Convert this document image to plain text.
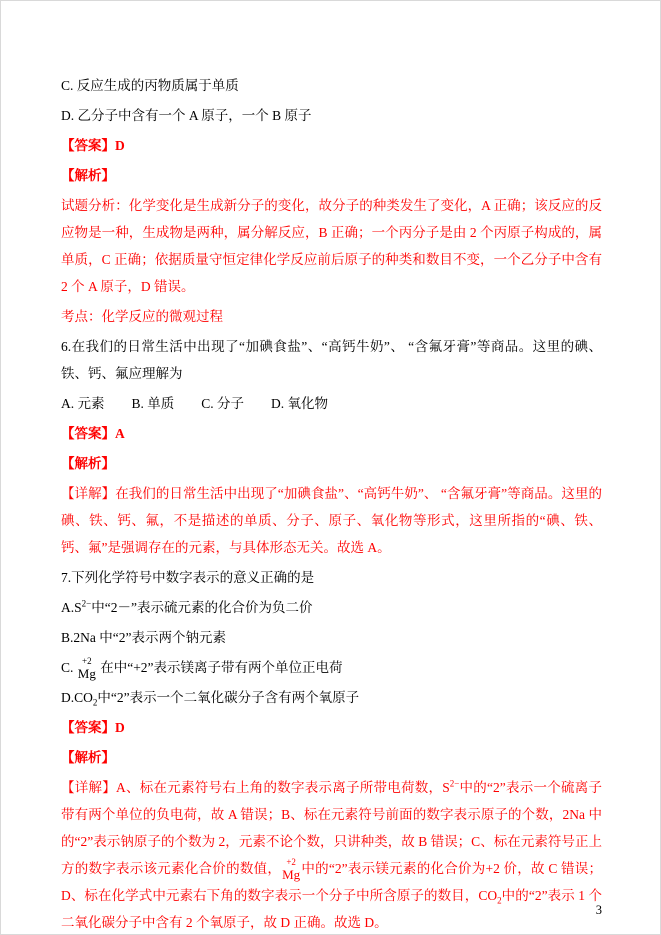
C. 反应生成的丙物质属于单质

D. 乙分子中含有一个 A 原子，一个 B 原子

【答案】D

【解析】

试题分析：化学变化是生成新分子的变化，故分子的种类发生了变化，A 正确；该反应的反应物是一种，生成物是两种，属分解反应，B 正确；一个丙分子是由 2 个丙原子构成的，属单质，C 正确；依据质量守恒定律化学反应前后原子的种类和数目不变，一个乙分子中含有 2 个 A 原子，D 错误。

考点：化学反应的微观过程

6.在我们的日常生活中出现了“加碘食盐”、“高钙牛奶”、 “含氟牙膏”等商品。这里的碘、铁、钙、氟应理解为

A. 元素　　B. 单质　　C. 分子　　D. 氧化物

【答案】A

【解析】

【详解】在我们的日常生活中出现了“加碘食盐”、“高钙牛奶”、 “含氟牙膏”等商品。这里的碘、铁、钙、氟，不是描述的单质、分子、原子、氧化物等形式，这里所指的“碘、铁、钙、氟”是强调存在的元素，与具体形态无关。故选 A。

7.下列化学符号中数字表示的意义正确的是

$A.S^{2-}$中“2－”表示硫元素的化合价为负二价

B.2Na 中“2”表示两个钠元素

C. +2
Mg 在中“+2”表示镁离子带有两个单位正电荷

$D.CO_2$中“2”表示一个二氧化碳分子含有两个氧原子

【答案】D

【解析】

【详解】A、标在元素符号右上角的数字表示离子所带电荷数，$S^{2-}$中的“2”表示一个硫离子带有两个单位的负电荷，故 A 错误；B、标在元素符号前面的数字表示原子的个数，2Na 中的“2”表示钠原子的个数为 2，元素不论个数，只讲种类，故 B 错误；C、标在元素符号正上方的数字表示该元素化合价的数值， +2
Mg 中的“2”表示镁元素的化合价为+2 价，故 C 错误；D、标在化学式中元素右下角的数字表示一个分子中所含原子的数目，$CO_2$中的“2”表示 1 个二氧化碳分子中含有 2 个氧原子，故 D 正确。故选 D。

3
